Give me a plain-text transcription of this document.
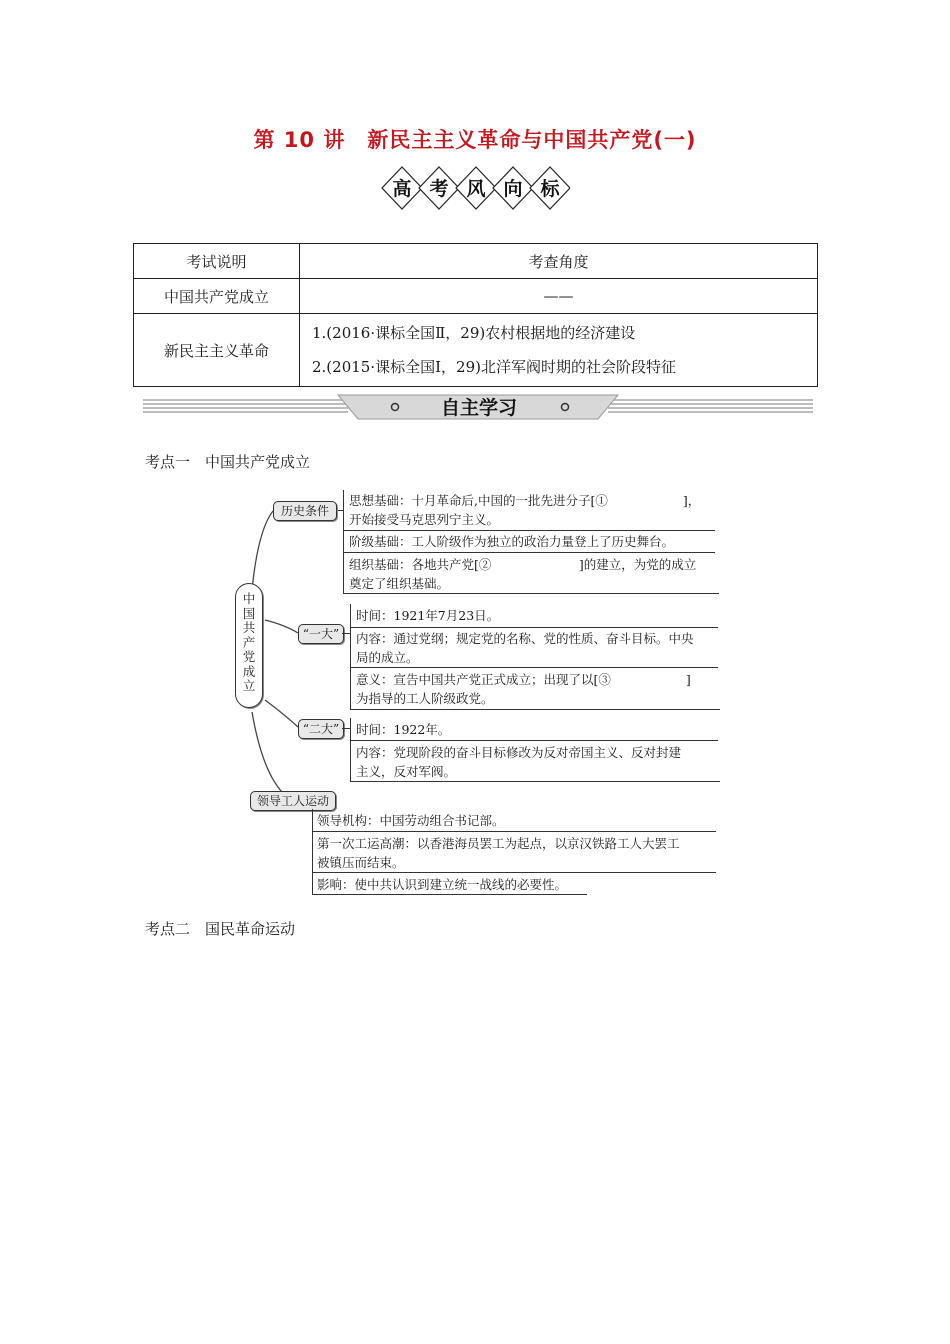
第 10 讲　新民主主义革命与中国共产党(一)
高 考 风 向 标
考试说明	考查角度
中国共产党成立	——
新民主主义革命	1.(2016·课标全国Ⅱ，29)农村根据地的经济建设
2.(2015·课标全国Ⅰ，29)北洋军阀时期的社会阶段特征
自主学习
考点一　中国共产党成立
考点二　国民革命运动
中
国
共
产
党
成
立
历史条件
思想基础：十月革命后,中国的一批先进分子[①　　　　　　]，
开始接受马克思列宁主义。
阶级基础：工人阶级作为独立的政治力量登上了历史舞台。
组织基础：各地共产党[②　　　　　　　]的建立，为党的成立
奠定了组织基础。
“一大”
时间：1921年7月23日。
内容：通过党纲；规定党的名称、党的性质、奋斗目标。中央
局的成立。
意义：宣告中国共产党正式成立；出现了以[③　　　　　　]
为指导的工人阶级政党。
“二大”	时间：1922年。
内容：党现阶段的奋斗目标修改为反对帝国主义、反对封建
主义，反对军阀。
领导工人运动
领导机构：中国劳动组合书记部。
第一次工运高潮：以香港海员罢工为起点，以京汉铁路工人大罢工
被镇压而结束。
影响：使中共认识到建立统一战线的必要性。
